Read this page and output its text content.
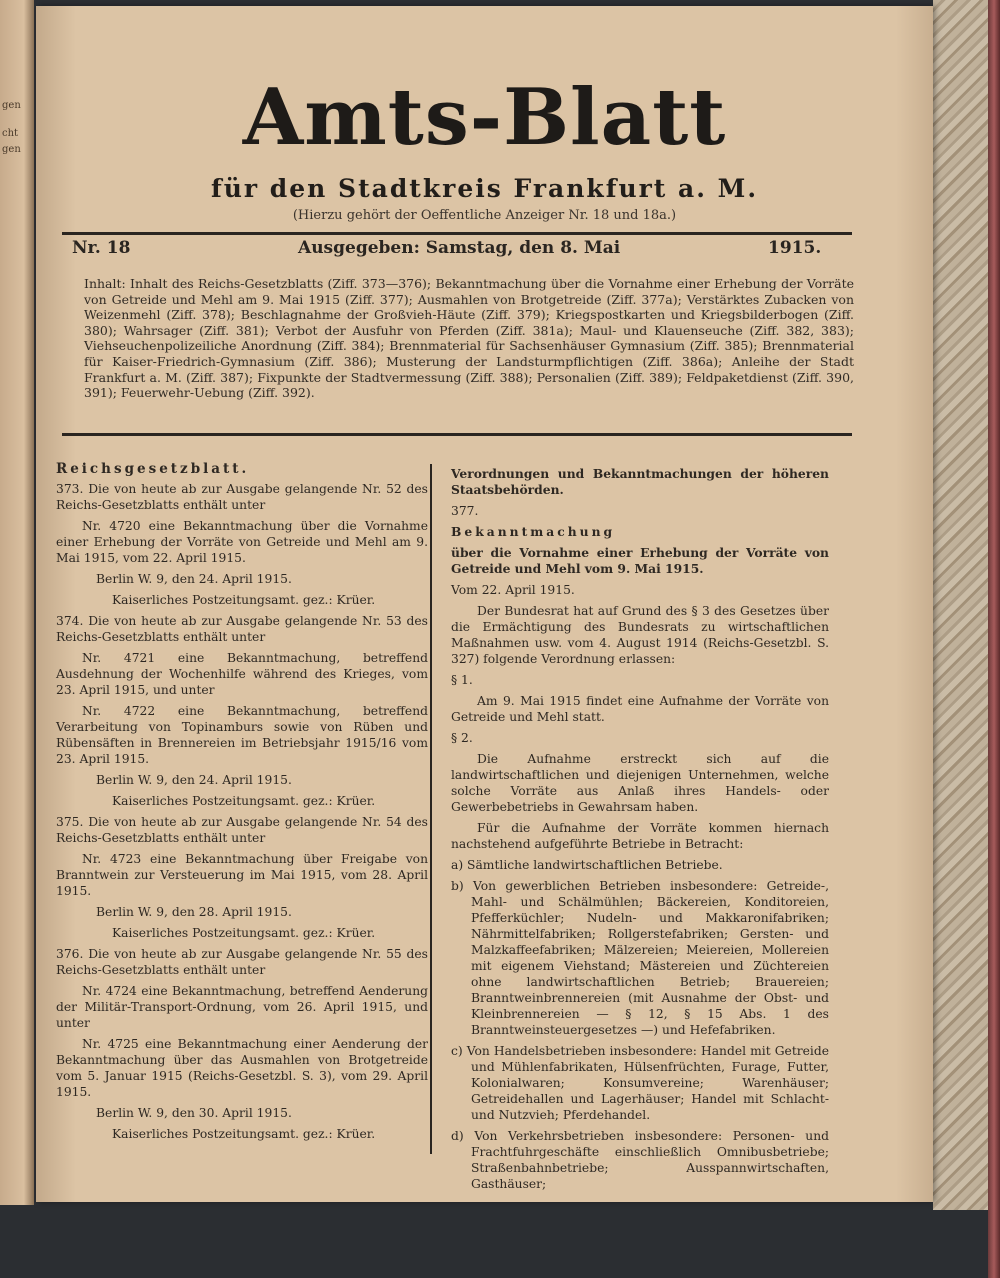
gen
cht
gen	Amts-Blatt
für den Stadtkreis Frankfurt a. M.
(Hierzu gehört der Oeffentliche Anzeiger Nr. 18 und 18a.)
Nr. 18	Ausgegeben: Samstag, den 8. Mai	1915.
Inhalt: Inhalt des Reichs-Gesetzblatts (Ziff. 373—376); Bekanntmachung über die Vornahme einer Erhebung der Vorräte von Getreide und Mehl am 9. Mai 1915 (Ziff. 377); Ausmahlen von Brotgetreide (Ziff. 377a); Verstärktes Zubacken von Weizenmehl (Ziff. 378); Beschlagnahme der Großvieh-Häute (Ziff. 379); Kriegspostkarten und Kriegsbilderbogen (Ziff. 380); Wahrsager (Ziff. 381); Verbot der Ausfuhr von Pferden (Ziff. 381a); Maul- und Klauenseuche (Ziff. 382, 383); Viehseuchenpolizeiliche Anordnung (Ziff. 384); Brennmaterial für Sachsenhäuser Gymnasium (Ziff. 385); Brennmaterial für Kaiser-Friedrich-Gymnasium (Ziff. 386); Musterung der Landsturmpflichtigen (Ziff. 386a); Anleihe der Stadt Frankfurt a. M. (Ziff. 387); Fixpunkte der Stadtvermessung (Ziff. 388); Personalien (Ziff. 389); Feldpaketdienst (Ziff. 390, 391); Feuerwehr-Uebung (Ziff. 392).

Reichsgesetzblatt.

373. Die von heute ab zur Ausgabe gelangende Nr. 52 des Reichs-Gesetzblatts enthält unter

Nr. 4720 eine Bekanntmachung über die Vornahme einer Erhebung der Vorräte von Getreide und Mehl am 9. Mai 1915, vom 22. April 1915.

Berlin W. 9, den 24. April 1915.

Kaiserliches Postzeitungsamt. gez.: Krüer.

374. Die von heute ab zur Ausgabe gelangende Nr. 53 des Reichs-Gesetzblatts enthält unter

Nr. 4721 eine Bekanntmachung, betreffend Ausdehnung der Wochenhilfe während des Krieges, vom 23. April 1915, und unter

Nr. 4722 eine Bekanntmachung, betreffend Verarbeitung von Topinamburs sowie von Rüben und Rübensäften in Brennereien im Betriebsjahr 1915/16 vom 23. April 1915.

Berlin W. 9, den 24. April 1915.

Kaiserliches Postzeitungsamt. gez.: Krüer.

375. Die von heute ab zur Ausgabe gelangende Nr. 54 des Reichs-Gesetzblatts enthält unter

Nr. 4723 eine Bekanntmachung über Freigabe von Branntwein zur Versteuerung im Mai 1915, vom 28. April 1915.

Berlin W. 9, den 28. April 1915.

Kaiserliches Postzeitungsamt. gez.: Krüer.

376. Die von heute ab zur Ausgabe gelangende Nr. 55 des Reichs-Gesetzblatts enthält unter

Nr. 4724 eine Bekanntmachung, betreffend Aenderung der Militär-Transport-Ordnung, vom 26. April 1915, und unter

Nr. 4725 eine Bekanntmachung einer Aenderung der Bekanntmachung über das Ausmahlen von Brotgetreide vom 5. Januar 1915 (Reichs-Gesetzbl. S. 3), vom 29. April 1915.

Berlin W. 9, den 30. April 1915.

Kaiserliches Postzeitungsamt. gez.: Krüer.

Verordnungen und Bekanntmachungen der höheren Staatsbehörden.

377.

Bekanntmachung

über die Vornahme einer Erhebung der Vorräte von Getreide und Mehl vom 9. Mai 1915.

Vom 22. April 1915.

Der Bundesrat hat auf Grund des § 3 des Gesetzes über die Ermächtigung des Bundesrats zu wirtschaftlichen Maßnahmen usw. vom 4. August 1914 (Reichs-Gesetzbl. S. 327) folgende Verordnung erlassen:

§ 1.

Am 9. Mai 1915 findet eine Aufnahme der Vorräte von Getreide und Mehl statt.

§ 2.

Die Aufnahme erstreckt sich auf die landwirtschaftlichen und diejenigen Unternehmen, welche solche Vorräte aus Anlaß ihres Handels- oder Gewerbebetriebs in Gewahrsam haben.

Für die Aufnahme der Vorräte kommen hiernach nachstehend aufgeführte Betriebe in Betracht:

a) Sämtliche landwirtschaftlichen Betriebe.

b) Von gewerblichen Betrieben insbesondere: Getreide-, Mahl- und Schälmühlen; Bäckereien, Konditoreien, Pfefferküchler; Nudeln- und Makkaronifabriken; Nährmittelfabriken; Rollgerstefabriken; Gersten- und Malzkaffeefabriken; Mälzereien; Meiereien, Mollereien mit eigenem Viehstand; Mästereien und Züchtereien ohne landwirtschaftlichen Betrieb; Brauereien; Branntweinbrennereien (mit Ausnahme der Obst- und Kleinbrennereien — § 12, § 15 Abs. 1 des Branntweinsteuergesetzes —) und Hefefabriken.

c) Von Handelsbetrieben insbesondere: Handel mit Getreide und Mühlenfabrikaten, Hülsenfrüchten, Furage, Futter, Kolonialwaren; Konsumvereine; Warenhäuser; Getreidehallen und Lagerhäuser; Handel mit Schlacht- und Nutzvieh; Pferdehandel.

d) Von Verkehrsbetrieben insbesondere: Personen- und Frachtfuhrgeschäfte einschließlich Omnibusbetriebe; Straßenbahnbetriebe; Ausspannwirtschaften, Gasthäuser;
